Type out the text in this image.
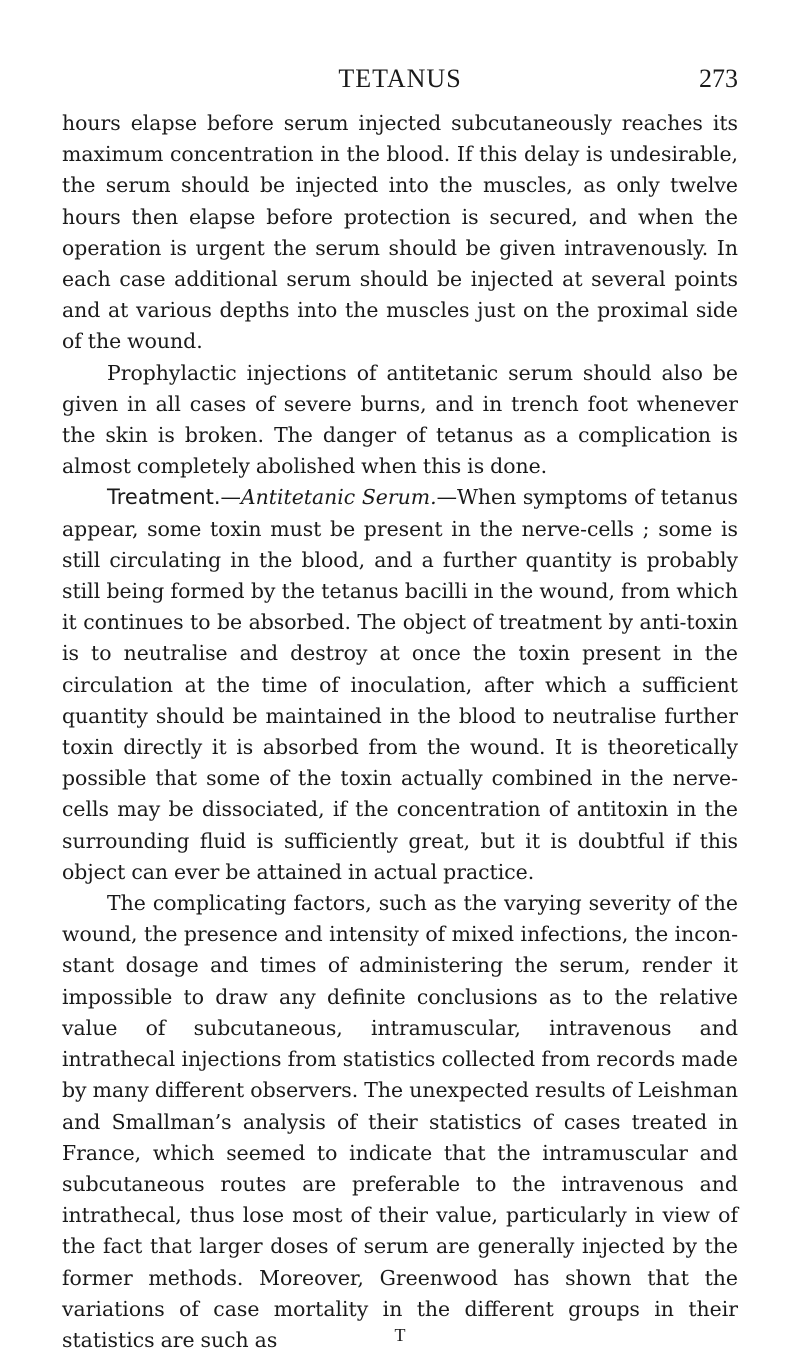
TETANUS	273

hours elapse before serum injected subcutaneously reaches its maximum concentration in the blood. If this delay is undesirable, the serum should be injected into the muscles, as only twelve hours then elapse before protection is secured, and when the operation is urgent the serum should be given intravenously. In each case additional serum should be injected at several points and at various depths into the muscles just on the proximal side of the wound.

Prophylactic injections of antitetanic serum should also be given in all cases of severe burns, and in trench foot whenever the skin is broken. The danger of tetanus as a complication is almost completely abolished when this is done.

Treatment.—Antitetanic Serum.—When symptoms of tetanus appear, some toxin must be present in the nerve-cells ; some is still circulating in the blood, and a further quantity is probably still being formed by the tetanus bacilli in the wound, from which it continues to be absorbed. The object of treatment by anti-toxin is to neutralise and destroy at once the toxin present in the circulation at the time of inoculation, after which a sufficient quantity should be maintained in the blood to neutralise further toxin directly it is absorbed from the wound. It is theoretically possible that some of the toxin actually combined in the nerve-cells may be dissociated, if the concentration of antitoxin in the surrounding fluid is sufficiently great, but it is doubtful if this object can ever be attained in actual practice.

The complicating factors, such as the varying severity of the wound, the presence and intensity of mixed infections, the incon-stant dosage and times of administering the serum, render it impossible to draw any definite conclusions as to the relative value of subcutaneous, intramuscular, intravenous and intrathecal injections from statistics collected from records made by many different observers. The unexpected results of Leishman and Smallman’s analysis of their statistics of cases treated in France, which seemed to indicate that the intramuscular and subcutaneous routes are preferable to the intravenous and intrathecal, thus lose most of their value, particularly in view of the fact that larger doses of serum are generally injected by the former methods. Moreover, Greenwood has shown that the variations of case mortality in the different groups in their statistics are such as	T
